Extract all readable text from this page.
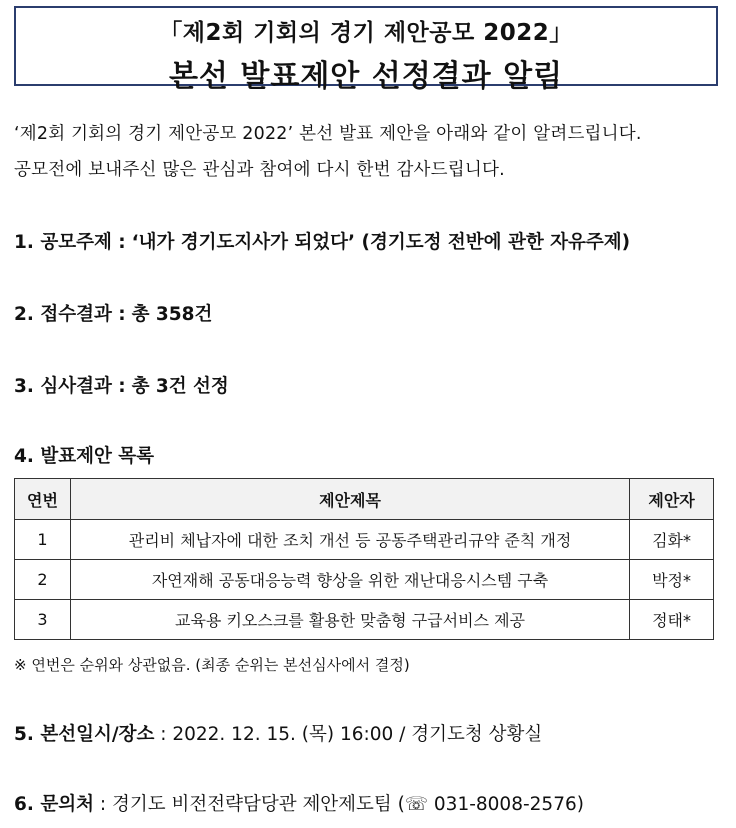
「제2회 기회의 경기 제안공모 2022」
본선 발표제안 선정결과 알림
‘제2회 기회의 경기 제안공모 2022’ 본선 발표 제안을 아래와 같이 알려드립니다.
공모전에 보내주신 많은 관심과 참여에 다시 한번 감사드립니다.
1. 공모주제 : ‘내가 경기도지사가 되었다’ (경기도정 전반에 관한 자유주제)
2. 접수결과 : 총 358건
3. 심사결과 : 총 3건 선정
4. 발표제안 목록
연번	제안제목	제안자
1	관리비 체납자에 대한 조치 개선 등 공동주택관리규약 준칙 개정	김화*
2	자연재해 공동대응능력 향상을 위한 재난대응시스템 구축	박정*
3	교육용 키오스크를 활용한 맞춤형 구급서비스 제공	정태*
※ 연번은 순위와 상관없음. (최종 순위는 본선심사에서 결정)
5. 본선일시/장소 : 2022. 12. 15. (목) 16:00 / 경기도청 상황실
6. 문의처 : 경기도 비전전략담당관 제안제도팀 (☏ 031-8008-2576)
